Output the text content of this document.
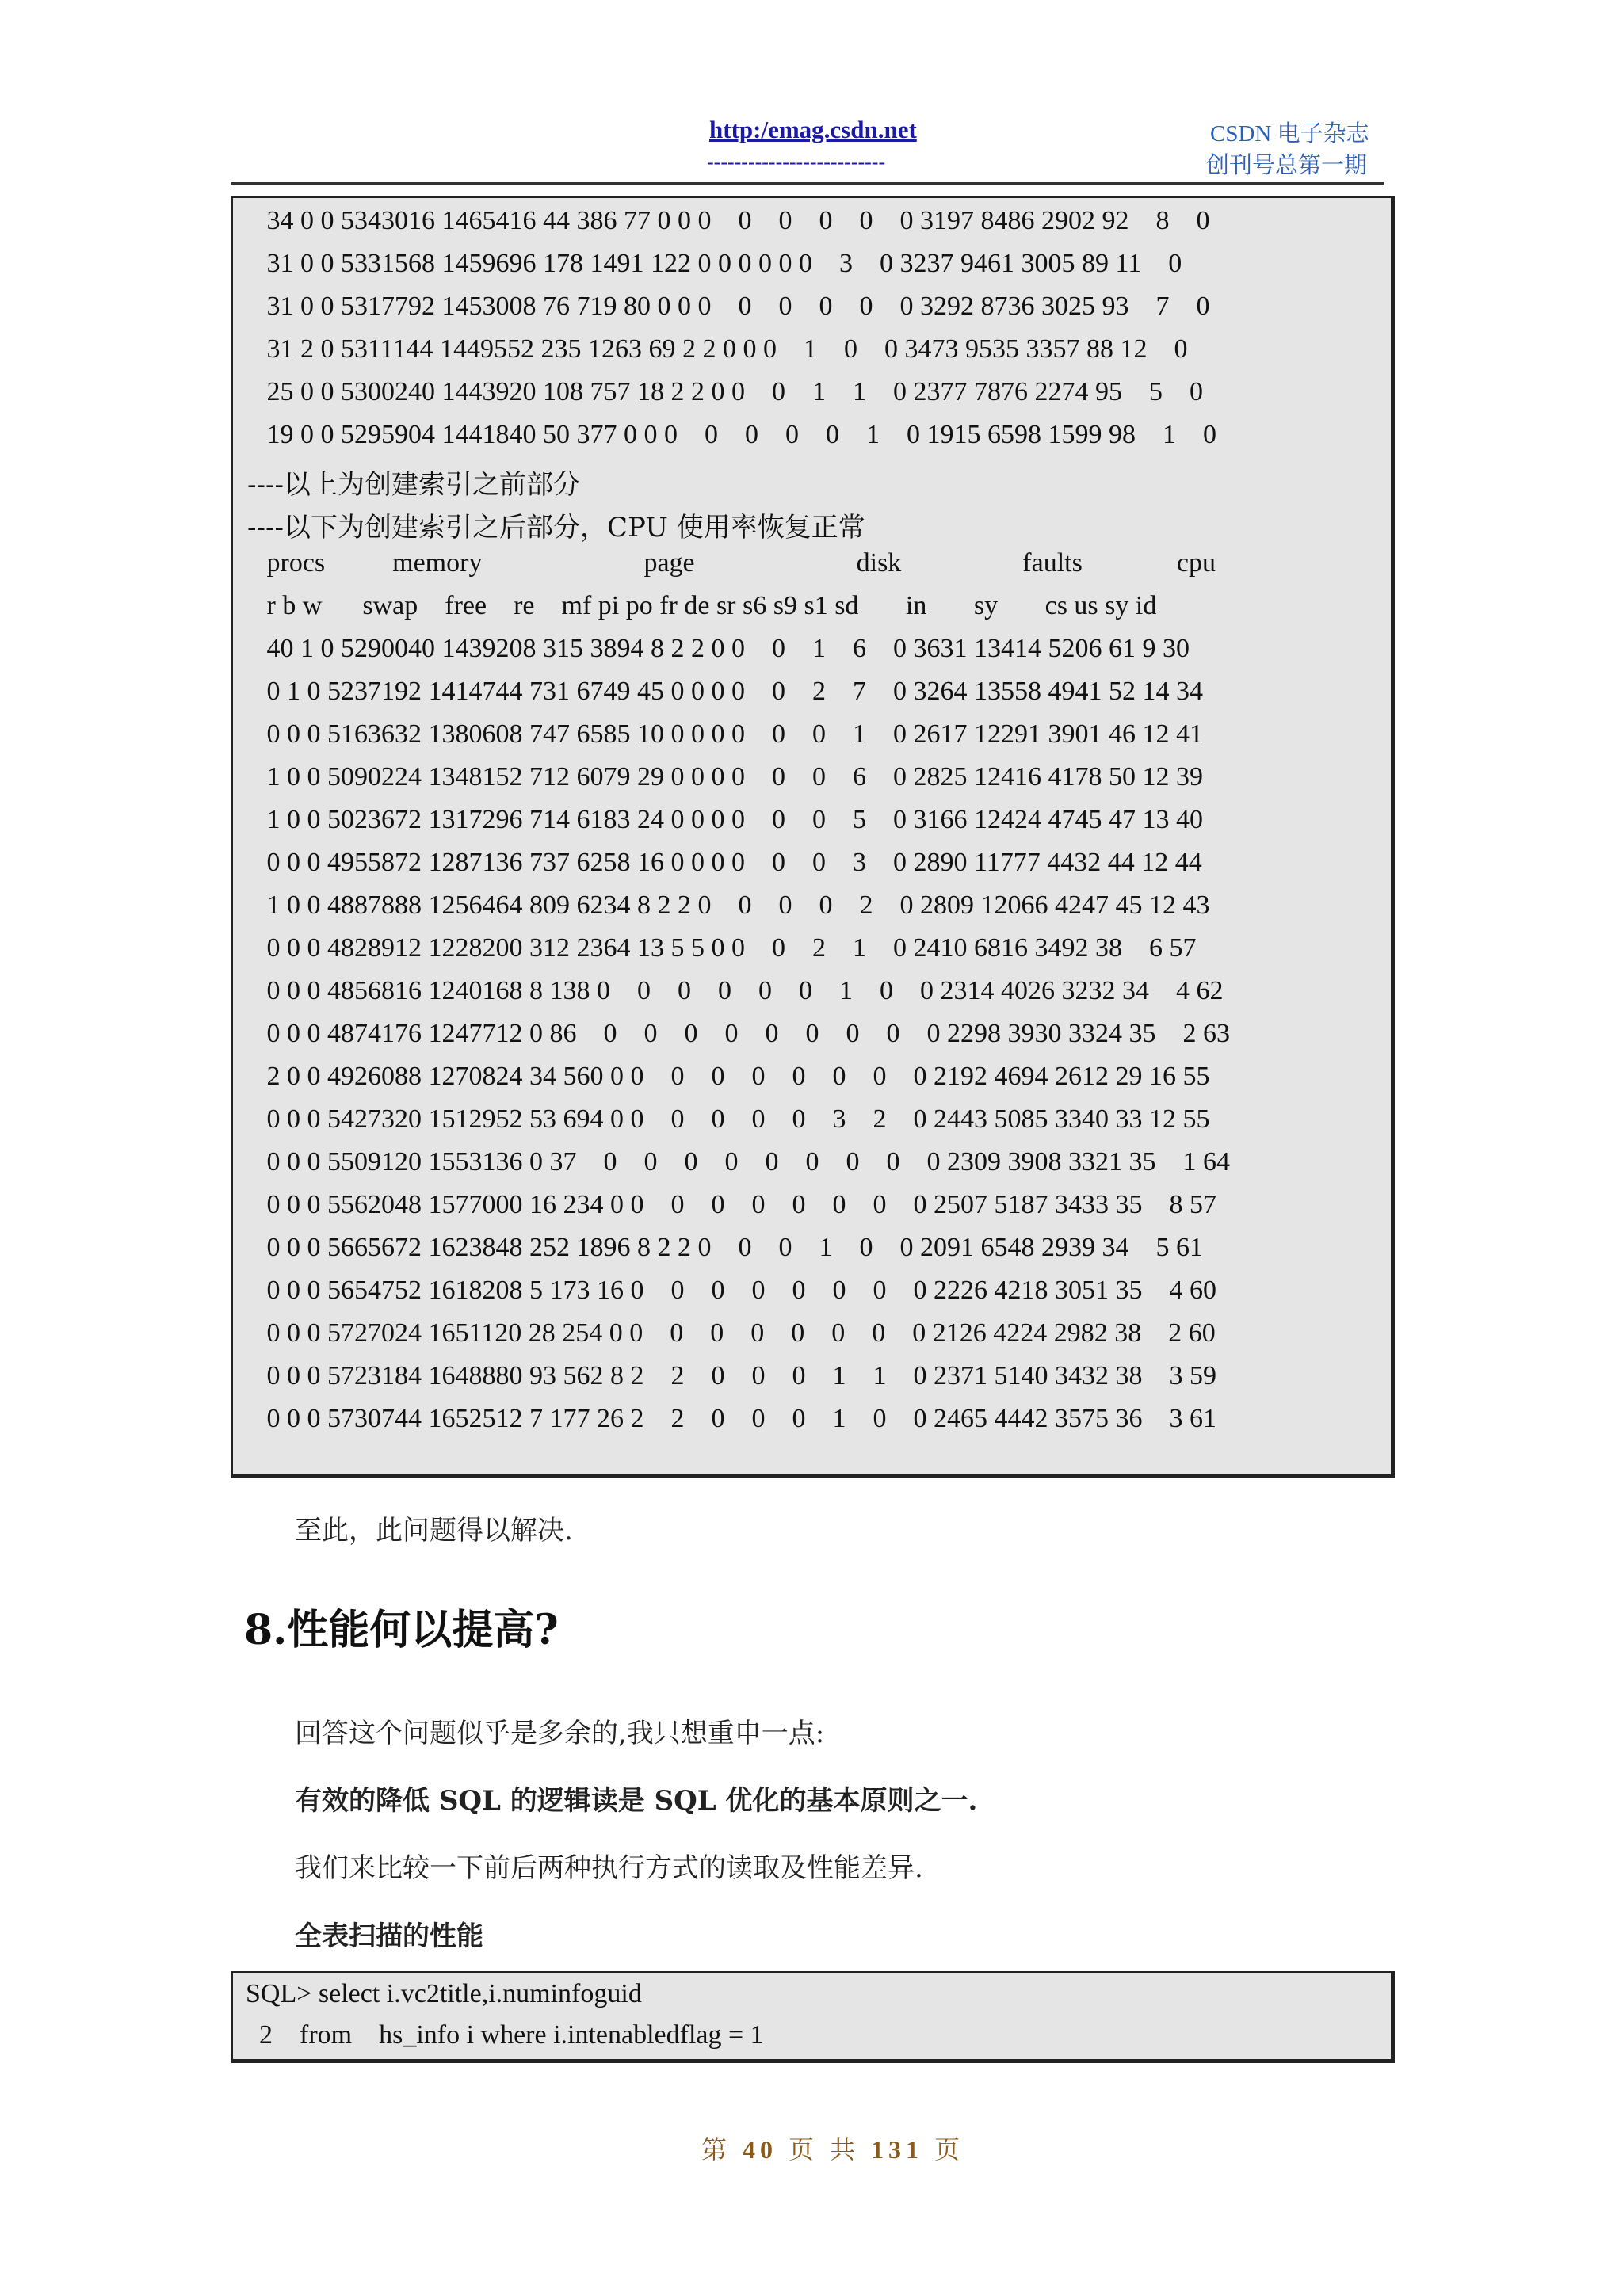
http:/emag.csdn.net
--------------------------
CSDN 电子杂志
创刊号总第一期
34 0 0 5343016 1465416 44 386 77 0 0 0    0    0    0    0    0 3197 8486 2902 92    8    0
31 0 0 5331568 1459696 178 1491 122 0 0 0 0 0 0    3    0 3237 9461 3005 89 11    0
31 0 0 5317792 1453008 76 719 80 0 0 0    0    0    0    0    0 3292 8736 3025 93    7    0
31 2 0 5311144 1449552 235 1263 69 2 2 0 0 0    1    0    0 3473 9535 3357 88 12    0
25 0 0 5300240 1443920 108 757 18 2 2 0 0    0    1    1    0 2377 7876 2274 95    5    0
19 0 0 5295904 1441840 50 377 0 0 0    0    0    0    0    1    0 1915 6598 1599 98    1    0
----以上为创建索引之前部分
----以下为创建索引之后部分，CPU 使用率恢复正常
procs          memory                        page                        disk                  faults              cpu
r b w      swap    free    re    mf pi po fr de sr s6 s9 s1 sd       in       sy       cs us sy id
40 1 0 5290040 1439208 315 3894 8 2 2 0 0    0    1    6    0 3631 13414 5206 61 9 30
0 1 0 5237192 1414744 731 6749 45 0 0 0 0    0    2    7    0 3264 13558 4941 52 14 34
0 0 0 5163632 1380608 747 6585 10 0 0 0 0    0    0    1    0 2617 12291 3901 46 12 41
1 0 0 5090224 1348152 712 6079 29 0 0 0 0    0    0    6    0 2825 12416 4178 50 12 39
1 0 0 5023672 1317296 714 6183 24 0 0 0 0    0    0    5    0 3166 12424 4745 47 13 40
0 0 0 4955872 1287136 737 6258 16 0 0 0 0    0    0    3    0 2890 11777 4432 44 12 44
1 0 0 4887888 1256464 809 6234 8 2 2 0    0    0    0    2    0 2809 12066 4247 45 12 43
0 0 0 4828912 1228200 312 2364 13 5 5 0 0    0    2    1    0 2410 6816 3492 38    6 57
0 0 0 4856816 1240168 8 138 0    0    0    0    0    0    1    0    0 2314 4026 3232 34    4 62
0 0 0 4874176 1247712 0 86    0    0    0    0    0    0    0    0    0 2298 3930 3324 35    2 63
2 0 0 4926088 1270824 34 560 0 0    0    0    0    0    0    0    0 2192 4694 2612 29 16 55
0 0 0 5427320 1512952 53 694 0 0    0    0    0    0    3    2    0 2443 5085 3340 33 12 55
0 0 0 5509120 1553136 0 37    0    0    0    0    0    0    0    0    0 2309 3908 3321 35    1 64
0 0 0 5562048 1577000 16 234 0 0    0    0    0    0    0    0    0 2507 5187 3433 35    8 57
0 0 0 5665672 1623848 252 1896 8 2 2 0    0    0    1    0    0 2091 6548 2939 34    5 61
0 0 0 5654752 1618208 5 173 16 0    0    0    0    0    0    0    0 2226 4218 3051 35    4 60
0 0 0 5727024 1651120 28 254 0 0    0    0    0    0    0    0    0 2126 4224 2982 38    2 60
0 0 0 5723184 1648880 93 562 8 2    2    0    0    0    1    1    0 2371 5140 3432 38    3 59
0 0 0 5730744 1652512 7 177 26 2    2    0    0    0    1    0    0 2465 4442 3575 36    3 61
至此，此问题得以解决.
8.性能何以提高?
回答这个问题似乎是多余的,我只想重申一点:
有效的降低 SQL 的逻辑读是 SQL 优化的基本原则之一.
我们来比较一下前后两种执行方式的读取及性能差异.
全表扫描的性能
SQL> select i.vc2title,i.numinfoguid
2    from    hs_info i where i.intenabledflag = 1
第 40 页 共 131 页
